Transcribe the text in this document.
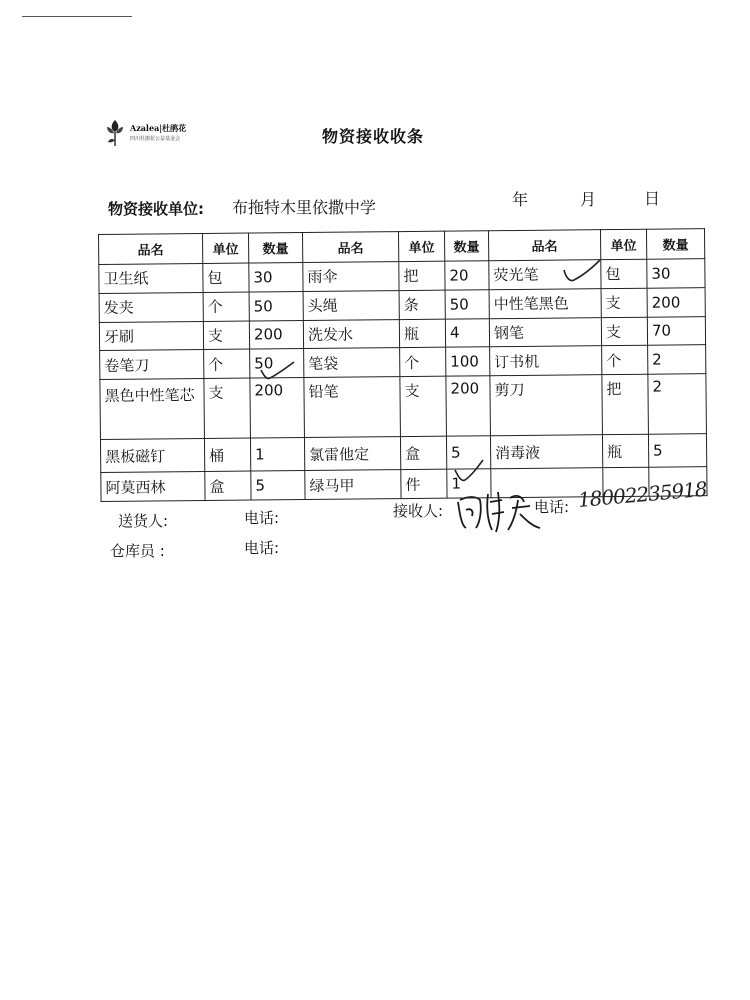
Azalea|杜鹃花
四川杜鹃花公益基金会	物资接收收条
物资接收单位: 布拖特木里依撒中学	年	月	日
品名	单位	数量	品名	单位	数量	品名	单位	数量
卫生纸	包	30	雨伞	把	20	荧光笔	包	30
发夹	个	50	头绳	条	50	中性笔黑色	支	200
牙刷	支	200	洗发水	瓶	4	钢笔	支	70
卷笔刀	个	50	笔袋	个	100	订书机	个	2
黑色中性笔芯	支	200	铅笔	支	200	剪刀	把	2
黑板磁钉	桶	1	氯雷他定	盒	5	消毒液	瓶	5
阿莫西林	盒	5	绿马甲	件	1			
送货人:	电话:	接收人:	电话: 18002235918
仓库员 :	电话:
